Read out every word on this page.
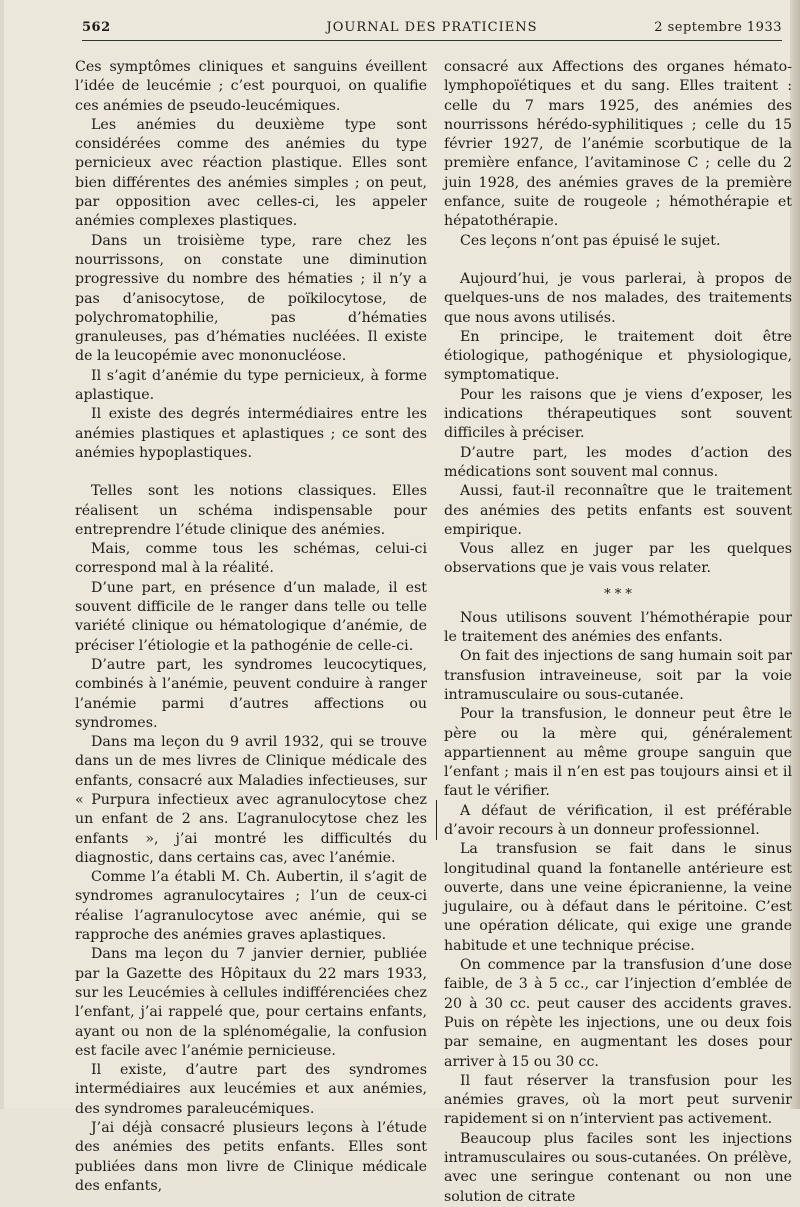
562	JOURNAL DES PRATICIENS	2 septembre 1933

Ces symptômes cliniques et sanguins éveillent l’idée de leucémie ; c’est pourquoi, on qualifie ces anémies de pseudo-leucémiques.

Les anémies du deuxième type sont considérées comme des anémies du type pernicieux avec réaction plastique. Elles sont bien différentes des anémies simples ; on peut, par opposition avec celles-ci, les appeler anémies complexes plastiques.

Dans un troisième type, rare chez les nourrissons, on constate une diminution progressive du nombre des hématies ; il n’y a pas d’anisocytose, de poïkilocytose, de polychromatophilie, pas d’hématies granuleuses, pas d’hématies nucléées. Il existe de la leucopémie avec mononucléose.

Il s’agit d’anémie du type pernicieux, à forme aplastique.

Il existe des degrés intermédiaires entre les anémies plastiques et aplastiques ; ce sont des anémies hypoplastiques.

Telles sont les notions classiques. Elles réalisent un schéma indispensable pour entreprendre l’étude clinique des anémies.

Mais, comme tous les schémas, celui-ci correspond mal à la réalité.

D’une part, en présence d’un malade, il est souvent difficile de le ranger dans telle ou telle variété clinique ou hématologique d’anémie, de préciser l’étiologie et la pathogénie de celle-ci.

D’autre part, les syndromes leucocytiques, combinés à l’anémie, peuvent conduire à ranger l’anémie parmi d’autres affections ou syndromes.

Dans ma leçon du 9 avril 1932, qui se trouve dans un de mes livres de Clinique médicale des enfants, consacré aux Maladies infectieuses, sur « Purpura infectieux avec agranulocytose chez un enfant de 2 ans. L’agranulocytose chez les enfants », j’ai montré les difficultés du diagnostic, dans certains cas, avec l’anémie.

Comme l’a établi M. Ch. Aubertin, il s’agit de syndromes agranulocytaires ; l’un de ceux-ci réalise l’agranulocytose avec anémie, qui se rapproche des anémies graves aplastiques.

Dans ma leçon du 7 janvier dernier, publiée par la Gazette des Hôpitaux du 22 mars 1933, sur les Leucémies à cellules indifférenciées chez l’enfant, j’ai rappelé que, pour certains enfants, ayant ou non de la splénomégalie, la confusion est facile avec l’anémie pernicieuse.

Il existe, d’autre part des syndromes intermédiaires aux leucémies et aux anémies, des syndromes paraleucémiques.

J’ai déjà consacré plusieurs leçons à l’étude des anémies des petits enfants. Elles sont publiées dans mon livre de Clinique médicale des enfants,

consacré aux Affections des organes hémato-lymphopoïétiques et du sang. Elles traitent : celle du 7 mars 1925, des anémies des nourrissons hérédo-syphilitiques ; celle du 15 février 1927, de l’anémie scorbutique de la première enfance, l’avitaminose C ; celle du 2 juin 1928, des anémies graves de la première enfance, suite de rougeole ; hémothérapie et hépatothérapie.

Ces leçons n’ont pas épuisé le sujet.

Aujourd’hui, je vous parlerai, à propos de quelques-uns de nos malades, des traitements que nous avons utilisés.

En principe, le traitement doit être étiologique, pathogénique et physiologique, symptomatique.

Pour les raisons que je viens d’exposer, les indications thérapeutiques sont souvent difficiles à préciser.

D’autre part, les modes d’action des médications sont souvent mal connus.

Aussi, faut-il reconnaître que le traitement des anémies des petits enfants est souvent empirique.

Vous allez en juger par les quelques observations que je vais vous relater.

* * *

Nous utilisons souvent l’hémothérapie pour le traitement des anémies des enfants.

On fait des injections de sang humain soit par transfusion intraveineuse, soit par la voie intramusculaire ou sous-cutanée.

Pour la transfusion, le donneur peut être le père ou la mère qui, généralement appartiennent au même groupe sanguin que l’enfant ; mais il n’en est pas toujours ainsi et il faut le vérifier.

A défaut de vérification, il est préférable d’avoir recours à un donneur professionnel.

La transfusion se fait dans le sinus longitudinal quand la fontanelle antérieure est ouverte, dans une veine épicranienne, la veine jugulaire, ou à défaut dans le péritoine. C’est une opération délicate, qui exige une grande habitude et une technique précise.

On commence par la transfusion d’une dose faible, de 3 à 5 cc., car l’injection d’emblée de 20 à 30 cc. peut causer des accidents graves. Puis on répète les injections, une ou deux fois par semaine, en augmentant les doses pour arriver à 15 ou 30 cc.

Il faut réserver la transfusion pour les anémies graves, où la mort peut survenir rapidement si on n’intervient pas activement.

Beaucoup plus faciles sont les injections intramusculaires ou sous-cutanées. On prélève, avec une seringue contenant ou non une solution de citrate
